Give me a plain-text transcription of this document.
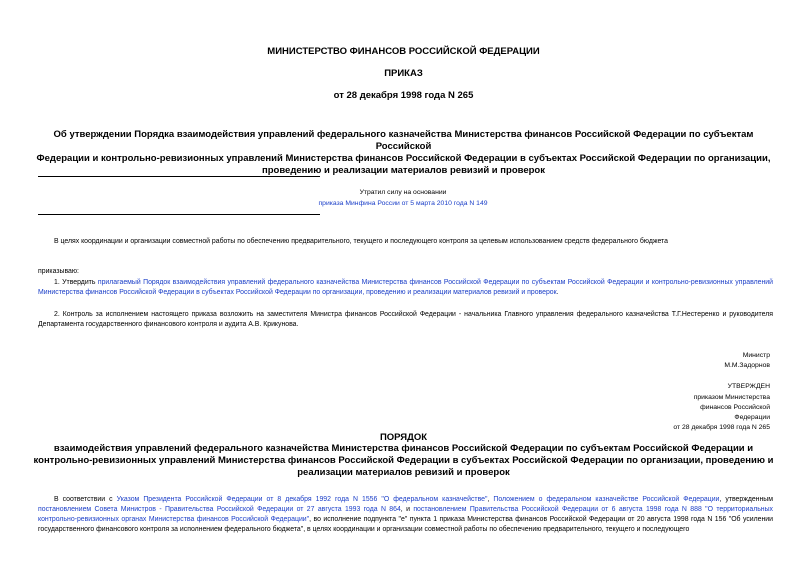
МИНИСТЕРСТВО ФИНАНСОВ РОССИЙСКОЙ ФЕДЕРАЦИИ
ПРИКАЗ
от 28 декабря 1998 года N 265
Об утверждении Порядка взаимодействия управлений федерального казначейства Министерства финансов Российской Федерации по субъектам Российской
Федерации и контрольно-ревизионных управлений Министерства финансов Российской Федерации в субъектах Российской Федерации по организации,
проведению и реализации материалов ревизий и проверок
Утратил силу на основании
приказа Минфина России от 5 марта 2010 года N 149
В целях координации и организации совместной работы по обеспечению предварительного, текущего и последующего контроля за целевым использованием средств федерального бюджета
приказываю:
1. Утвердить прилагаемый Порядок взаимодействия управлений федерального казначейства Министерства финансов Российской Федерации по субъектам Российской Федерации и контрольно-ревизионных управлений Министерства финансов Российской Федерации в субъектах Российской Федерации по организации, проведению и реализации материалов ревизий и проверок.
2. Контроль за исполнением настоящего приказа возложить на заместителя Министра финансов Российской Федерации - начальника Главного управления федерального казначейства Т.Г.Нестеренко и руководителя Департамента государственного финансового контроля и аудита А.В. Крикунова.
Министр
М.М.Задорнов
УТВЕРЖДЕН
приказом Министерства
финансов Российской
Федерации
от 28 декабря 1998 года N 265
ПОРЯДОК
взаимодействия управлений федерального казначейства Министерства финансов Российской Федерации по субъектам Российской Федерации и
контрольно-ревизионных управлений Министерства финансов Российской Федерации в субъектах Российской Федерации по организации, проведению и
реализации материалов ревизий и проверок
В соответствии с Указом Президента Российской Федерации от 8 декабря 1992 года N 1556 "О федеральном казначействе", Положением о федеральном казначействе Российской Федерации, утвержденным постановлением Совета Министров - Правительства Российской Федерации от 27 августа 1993 года N 864, и постановлением Правительства Российской Федерации от 6 августа 1998 года N 888 "О территориальных контрольно-ревизионных органах Министерства финансов Российской Федерации", во исполнение подпункта "е" пункта 1 приказа Министерства финансов Российской Федерации от 20 августа 1998 года N 156 "Об усилении государственного финансового контроля за исполнением федерального бюджета", в целях координации и организации совместной работы по обеспечению предварительного, текущего и последующего
